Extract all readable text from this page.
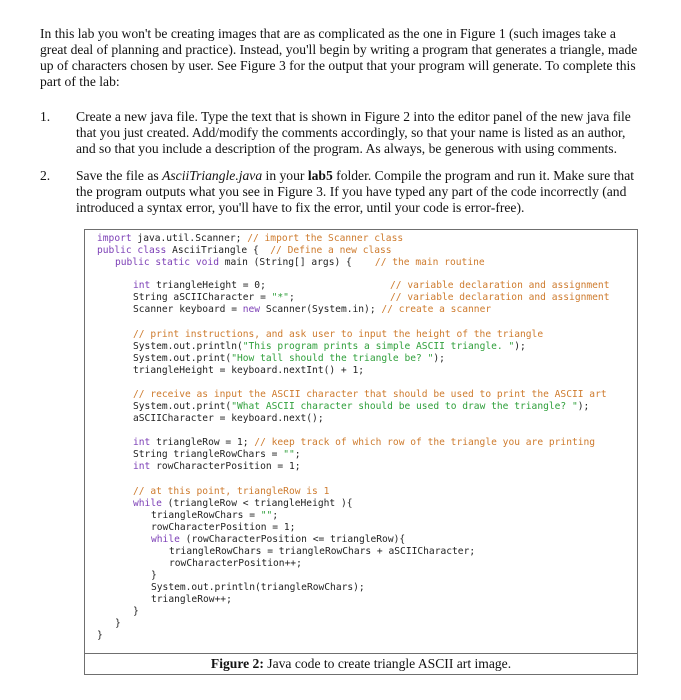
In this lab you won't be creating images that are as complicated as the one in Figure 1 (such images take a great deal of planning and practice). Instead, you'll begin by writing a program that generates a triangle, made up of characters chosen by user. See Figure 3 for the output that your program will generate. To complete this part of the lab:

1. Create a new java file. Type the text that is shown in Figure 2 into the editor panel of the new java file that you just created. Add/modify the comments accordingly, so that your name is listed as an author, and so that you include a description of the program. As always, be generous with using comments.
2. Save the file as AsciiTriangle.java in your lab5 folder. Compile the program and run it. Make sure that the program outputs what you see in Figure 3. If you have typed any part of the code incorrectly (and introduced a syntax error, you'll have to fix the error, until your code is error-free).
import java.util.Scanner; // import the Scanner class
public class AsciiTriangle {  // Define a new class
public static void main (String[] args) {    // the main routine
int triangleHeight = 0;	// variable declaration and assignment
String aSCIICharacter = "*";	// variable declaration and assignment
Scanner keyboard = new Scanner(System.in); // create a scanner
// print instructions, and ask user to input the height of the triangle
System.out.println("This program prints a simple ASCII triangle. ");
System.out.print("How tall should the triangle be? ");
triangleHeight = keyboard.nextInt() + 1;
// receive as input the ASCII character that should be used to print the ASCII art
System.out.print("What ASCII character should be used to draw the triangle? ");
aSCIICharacter = keyboard.next();
int triangleRow = 1; // keep track of which row of the triangle you are printing
String triangleRowChars = "";
int rowCharacterPosition = 1;
// at this point, triangleRow is 1
while (triangleRow < triangleHeight ){
triangleRowChars = "";
rowCharacterPosition = 1;
while (rowCharacterPosition <= triangleRow){
triangleRowChars = triangleRowChars + aSCIICharacter;
rowCharacterPosition++;
}
System.out.println(triangleRowChars);
triangleRow++;
}
}
}
Figure 2: Java code to create triangle ASCII art image.
